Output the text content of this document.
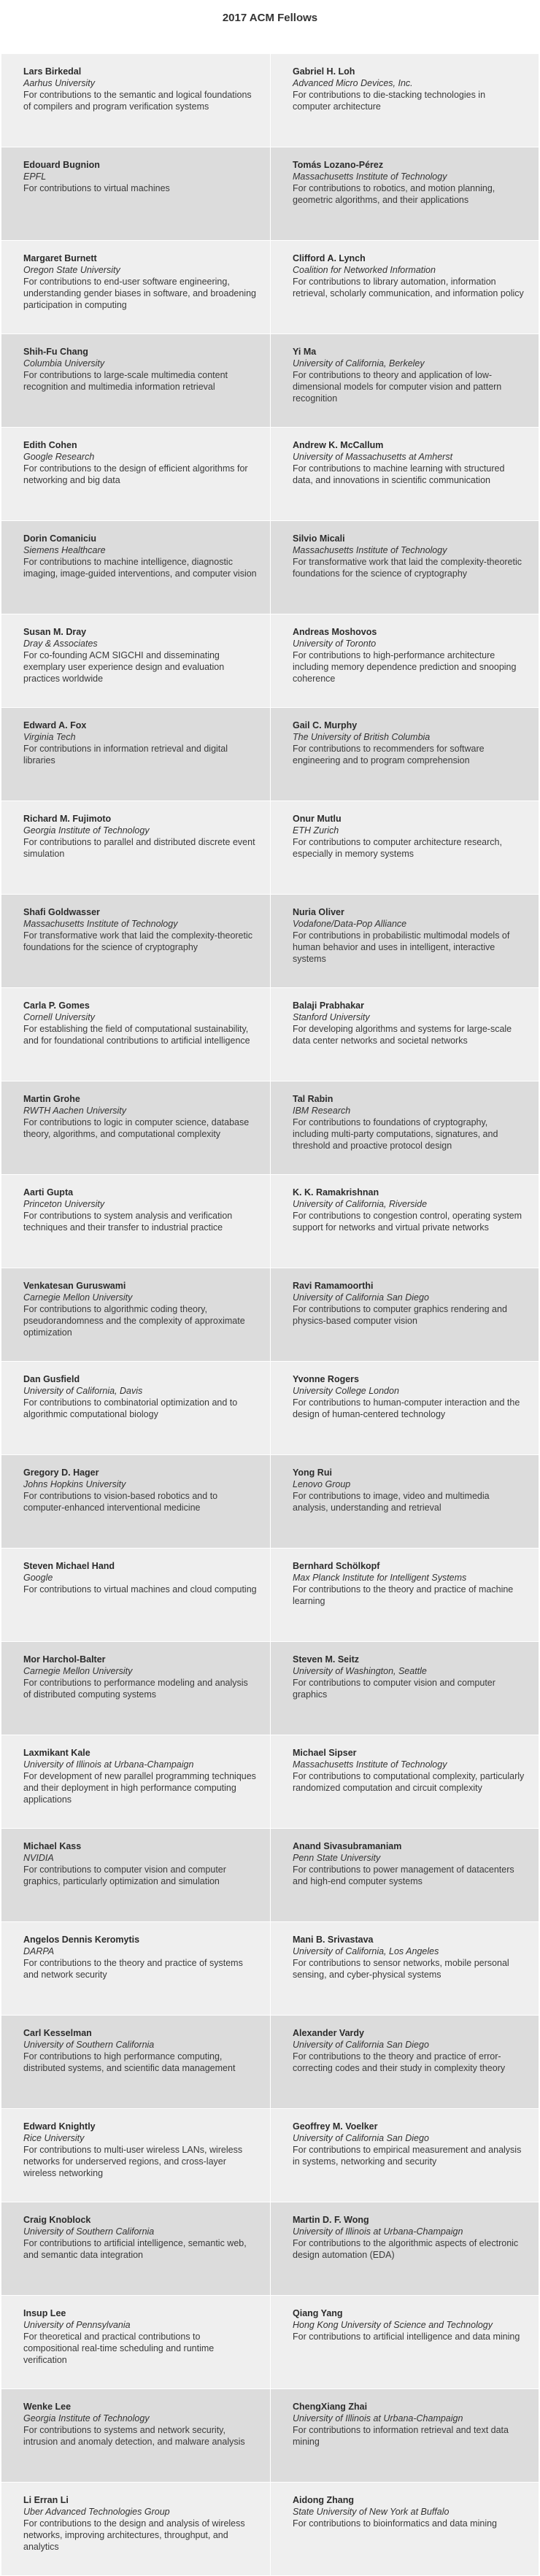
2017 ACM Fellows
Lars Birkedal
Aarhus University
For contributions to the semantic and logical foundations of compilers and program verification systems
Gabriel H. Loh
Advanced Micro Devices, Inc.
For contributions to die-stacking technologies in computer architecture
Edouard Bugnion
EPFL
For contributions to virtual machines
Tomás Lozano-Pérez
Massachusetts Institute of Technology
For contributions to robotics, and motion planning, geometric algorithms, and their applications
Margaret Burnett
Oregon State University
For contributions to end-user software engineering, understanding gender biases in software, and broadening participation in computing
Clifford A. Lynch
Coalition for Networked Information
For contributions to library automation, information retrieval, scholarly communication, and information policy
Shih-Fu Chang
Columbia University
For contributions to large-scale multimedia content recognition and multimedia information retrieval
Yi Ma
University of California, Berkeley
For contributions to theory and application of low-dimensional models for computer vision and pattern recognition
Edith Cohen
Google Research
For contributions to the design of efficient algorithms for networking and big data
Andrew K. McCallum
University of Massachusetts at Amherst
For contributions to machine learning with structured data, and innovations in scientific communication
Dorin Comaniciu
Siemens Healthcare
For contributions to machine intelligence, diagnostic imaging, image-guided interventions, and computer vision
Silvio Micali
Massachusetts Institute of Technology
For transformative work that laid the complexity-theoretic foundations for the science of cryptography
Susan M. Dray
Dray & Associates
For co-founding ACM SIGCHI and disseminating exemplary user experience design and evaluation practices worldwide
Andreas Moshovos
University of Toronto
For contributions to high-performance architecture including memory dependence prediction and snooping coherence
Edward A. Fox
Virginia Tech
For contributions in information retrieval and digital libraries
Gail C. Murphy
The University of British Columbia
For contributions to recommenders for software engineering and to program comprehension
Richard M. Fujimoto
Georgia Institute of Technology
For contributions to parallel and distributed discrete event simulation
Onur Mutlu
ETH Zurich
For contributions to computer architecture research, especially in memory systems
Shafi Goldwasser
Massachusetts Institute of Technology
For transformative work that laid the complexity-theoretic foundations for the science of cryptography
Nuria Oliver
Vodafone/Data-Pop Alliance
For contributions in probabilistic multimodal models of human behavior and uses in intelligent, interactive systems
Carla P. Gomes
Cornell University
For establishing the field of computational sustainability, and for foundational contributions to artificial intelligence
Balaji Prabhakar
Stanford University
For developing algorithms and systems for large-scale data center networks and societal networks
Martin Grohe
RWTH Aachen University
For contributions to logic in computer science, database theory, algorithms, and computational complexity
Tal Rabin
IBM Research
For contributions to foundations of cryptography, including multi-party computations, signatures, and threshold and proactive protocol design
Aarti Gupta
Princeton University
For contributions to system analysis and verification techniques and their transfer to industrial practice
K. K. Ramakrishnan
University of California, Riverside
For contributions to congestion control, operating system support for networks and virtual private networks
Venkatesan Guruswami
Carnegie Mellon University
For contributions to algorithmic coding theory, pseudorandomness and the complexity of approximate optimization
Ravi Ramamoorthi
University of California San Diego
For contributions to computer graphics rendering and physics-based computer vision
Dan Gusfield
University of California, Davis
For contributions to combinatorial optimization and to algorithmic computational biology
Yvonne Rogers
University College London
For contributions to human-computer interaction and the design of human-centered technology
Gregory D. Hager
Johns Hopkins University
For contributions to vision-based robotics and to computer-enhanced interventional medicine
Yong Rui
Lenovo Group
For contributions to image, video and multimedia analysis, understanding and retrieval
Steven Michael Hand
Google
For contributions to virtual machines and cloud computing
Bernhard Schölkopf
Max Planck Institute for Intelligent Systems
For contributions to the theory and practice of machine learning
Mor Harchol-Balter
Carnegie Mellon University
For contributions to performance modeling and analysis of distributed computing systems
Steven M. Seitz
University of Washington, Seattle
For contributions to computer vision and computer graphics
Laxmikant Kale
University of Illinois at Urbana-Champaign
For development of new parallel programming techniques and their deployment in high performance computing applications
Michael Sipser
Massachusetts Institute of Technology
For contributions to computational complexity, particularly randomized computation and circuit complexity
Michael Kass
NVIDIA
For contributions to computer vision and computer graphics, particularly optimization and simulation
Anand Sivasubramaniam
Penn State University
For contributions to power management of datacenters and high-end computer systems
Angelos Dennis Keromytis
DARPA
For contributions to the theory and practice of systems and network security
Mani B. Srivastava
University of California, Los Angeles
For contributions to sensor networks, mobile personal sensing, and cyber-physical systems
Carl Kesselman
University of Southern California
For contributions to high performance computing, distributed systems, and scientific data management
Alexander Vardy
University of California San Diego
For contributions to the theory and practice of error-correcting codes and their study in complexity theory
Edward Knightly
Rice University
For contributions to multi-user wireless LANs, wireless networks for underserved regions, and cross-layer wireless networking
Geoffrey M. Voelker
University of California San Diego
For contributions to empirical measurement and analysis in systems, networking and security
Craig Knoblock
University of Southern California
For contributions to artificial intelligence, semantic web, and semantic data integration
Martin D. F. Wong
University of Illinois at Urbana-Champaign
For contributions to the algorithmic aspects of electronic design automation (EDA)
Insup Lee
University of Pennsylvania
For theoretical and practical contributions to compositional real-time scheduling and runtime verification
Qiang Yang
Hong Kong University of Science and Technology
For contributions to artificial intelligence and data mining
Wenke Lee
Georgia Institute of Technology
For contributions to systems and network security, intrusion and anomaly detection, and malware analysis
ChengXiang Zhai
University of Illinois at Urbana-Champaign
For contributions to information retrieval and text data mining
Li Erran Li
Uber Advanced Technologies Group
For contributions to the design and analysis of wireless networks, improving architectures, throughput, and analytics
Aidong Zhang
State University of New York at Buffalo
For contributions to bioinformatics and data mining
